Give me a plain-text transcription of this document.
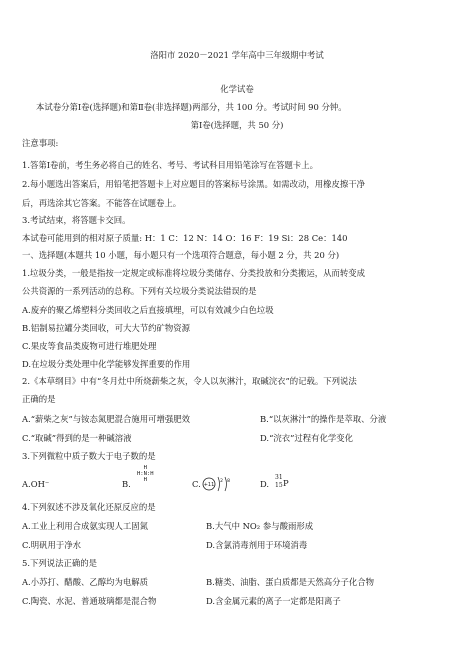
洛阳市 2020－2021 学年高中三年级期中考试
化学试卷
本试卷分第Ⅰ卷(选择题)和第Ⅱ卷(非选择题)两部分，共 100 分。考试时间 90 分钟。
第Ⅰ卷(选择题，共 50 分)
注意事项:
1.答第Ⅰ卷前，考生务必将自己的姓名、考号、考试科目用铅笔涂写在答题卡上。
2.每小题选出答案后，用铅笔把答题卡上对应题目的答案标号涂黑。如需改动，用橡皮擦干净
后，再选涂其它答案。不能答在试题卷上。
3.考试结束，将答题卡交回。
本试卷可能用到的相对原子质量: H：1 C：12 N：14 O：16 F：19 Si：28 Ce：140
一、选择题(本题共 10 小题，每小题只有一个选项符合题意，每小题 2 分，共 20 分)
1.垃圾分类，一般是指按一定规定或标准将垃圾分类储存、分类投放和分类搬运，从而转变成
公共资源的一系列活动的总称。下列有关垃圾分类说法错误的是
A.废弃的聚乙烯塑料分类回收之后直接填埋，可以有效减少白色垃圾
B.铝制易拉罐分类回收，可大大节约矿物资源
C.果皮等食品类废物可进行堆肥处理
D.在垃圾分类处理中化学能够发挥重要的作用
2.《本草纲目》中有“冬月灶中所烧薪柴之灰，令人以灰淋汁，取碱浣衣”的记载。下列说法
正确的是
A.“薪柴之灰”与铵态氮肥混合施用可增强肥效	B.“以灰淋汁”的操作是萃取、分液
C.“取碱”得到的是一种碱溶液	D.“浣衣”过程有化学变化
3.下列微粒中质子数大于电子数的是
A.OH⁻	B.
H
H:N:H
H	C. +11
2 8	D.
31
15 P
4.下列叙述不涉及氧化还原反应的是
A.工业上利用合成氨实现人工固氮	B.大气中 NO₂ 参与酸雨形成
C.明矾用于净水	D.含氯消毒剂用于环境消毒
5.下列说法正确的是
A.小苏打、醋酸、乙醇均为电解质	B.糖类、油脂、蛋白质都是天然高分子化合物
C.陶瓷、水泥、普通玻璃都是混合物	D.含金属元素的离子一定都是阳离子
